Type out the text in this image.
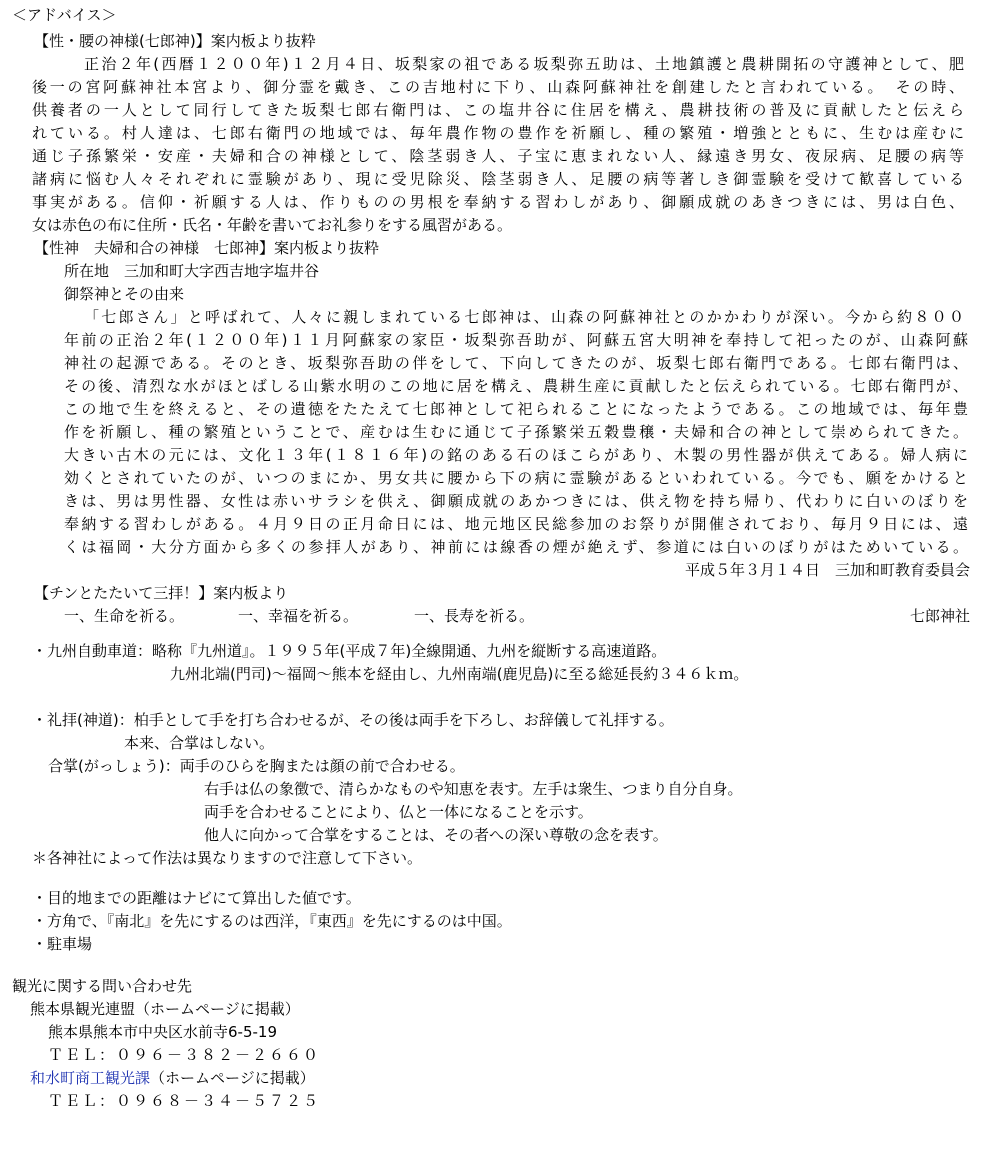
＜アドバイス＞
【性・腰の神様(七郎神)】案内板より抜粋
正治２年(西暦１２００年)１２月４日、坂梨家の祖である坂梨弥五助は、土地鎮護と農耕開拓の守護神として、肥
後一の宮阿蘇神社本宮より、御分霊を戴き、この吉地村に下り、山森阿蘇神社を創建したと言われている。　その時、
供養者の一人として同行してきた坂梨七郎右衛門は、この塩井谷に住居を構え、農耕技術の普及に貢献したと伝えら
れている。村人達は、七郎右衛門の地域では、毎年農作物の豊作を祈願し、種の繁殖・増強とともに、生むは産むに
通じ子孫繁栄・安産・夫婦和合の神様として、陰茎弱き人、子宝に恵まれない人、縁遠き男女、夜尿病、足腰の病等
諸病に悩む人々それぞれに霊験があり、現に受児除災、陰茎弱き人、足腰の病等著しき御霊験を受けて歓喜している
事実がある。信仰・祈願する人は、作りものの男根を奉納する習わしがあり、御願成就のあきつきには、男は白色、
女は赤色の布に住所・氏名・年齢を書いてお礼参りをする風習がある。
【性神　夫婦和合の神様　七郎神】案内板より抜粋
所在地　三加和町大字西吉地字塩井谷
御祭神とその由来
「七郎さん」と呼ばれて、人々に親しまれている七郎神は、山森の阿蘇神社とのかかわりが深い。今から約８００
年前の正治２年(１２００年)１１月阿蘇家の家臣・坂梨弥吾助が、阿蘇五宮大明神を奉持して祀ったのが、山森阿蘇
神社の起源である。そのとき、坂梨弥吾助の伴をして、下向してきたのが、坂梨七郎右衛門である。七郎右衛門は、
その後、清烈な水がほとばしる山紫水明のこの地に居を構え、農耕生産に貢献したと伝えられている。七郎右衛門が、
この地で生を終えると、その遺徳をたたえて七郎神として祀られることになったようである。この地域では、毎年豊
作を祈願し、種の繁殖ということで、産むは生むに通じて子孫繁栄五穀豊穣・夫婦和合の神として崇められてきた。
大きい古木の元には、文化１３年(１８１６年)の銘のある石のほこらがあり、木製の男性器が供えてある。婦人病に
効くとされていたのが、いつのまにか、男女共に腰から下の病に霊験があるといわれている。今でも、願をかけると
きは、男は男性器、女性は赤いサラシを供え、御願成就のあかつきには、供え物を持ち帰り、代わりに白いのぼりを
奉納する習わしがある。４月９日の正月命日には、地元地区民総参加のお祭りが開催されており、毎月９日には、遠
くは福岡・大分方面から多くの参拝人があり、神前には線香の煙が絶えず、参道には白いのぼりがはためいている。
平成５年３月１４日　三加和町教育委員会
【チンとたたいて三拝！】案内板より
一、生命を祈る。	一、幸福を祈る。	一、長寿を祈る。	七郎神社
・九州自動車道：略称『九州道』。１９９５年(平成７年)全線開通、九州を縦断する高速道路。
九州北端(門司)～福岡～熊本を経由し、九州南端(鹿児島)に至る総延長約３４６ｋｍ。
・礼拝(神道)：柏手として手を打ち合わせるが、その後は両手を下ろし、お辞儀して礼拝する。
本来、合掌はしない。
合掌(がっしょう)：両手のひらを胸または顔の前で合わせる。
右手は仏の象徴で、清らかなものや知恵を表す。左手は衆生、つまり自分自身。
両手を合わせることにより、仏と一体になることを示す。
他人に向かって合掌をすることは、その者への深い尊敬の念を表す。
＊各神社によって作法は異なりますので注意して下さい。
・目的地までの距離はナビにて算出した値です。
・方角で、『南北』を先にするのは西洋，『東西』を先にするのは中国。
・駐車場
観光に関する問い合わせ先
熊本県観光連盟（ホームページに掲載）
熊本県熊本市中央区水前寺6-5-19
ＴＥＬ：０９６－３８２－２６６０
和水町商工観光課（ホームページに掲載）
ＴＥＬ：０９６８－３４－５７２５
